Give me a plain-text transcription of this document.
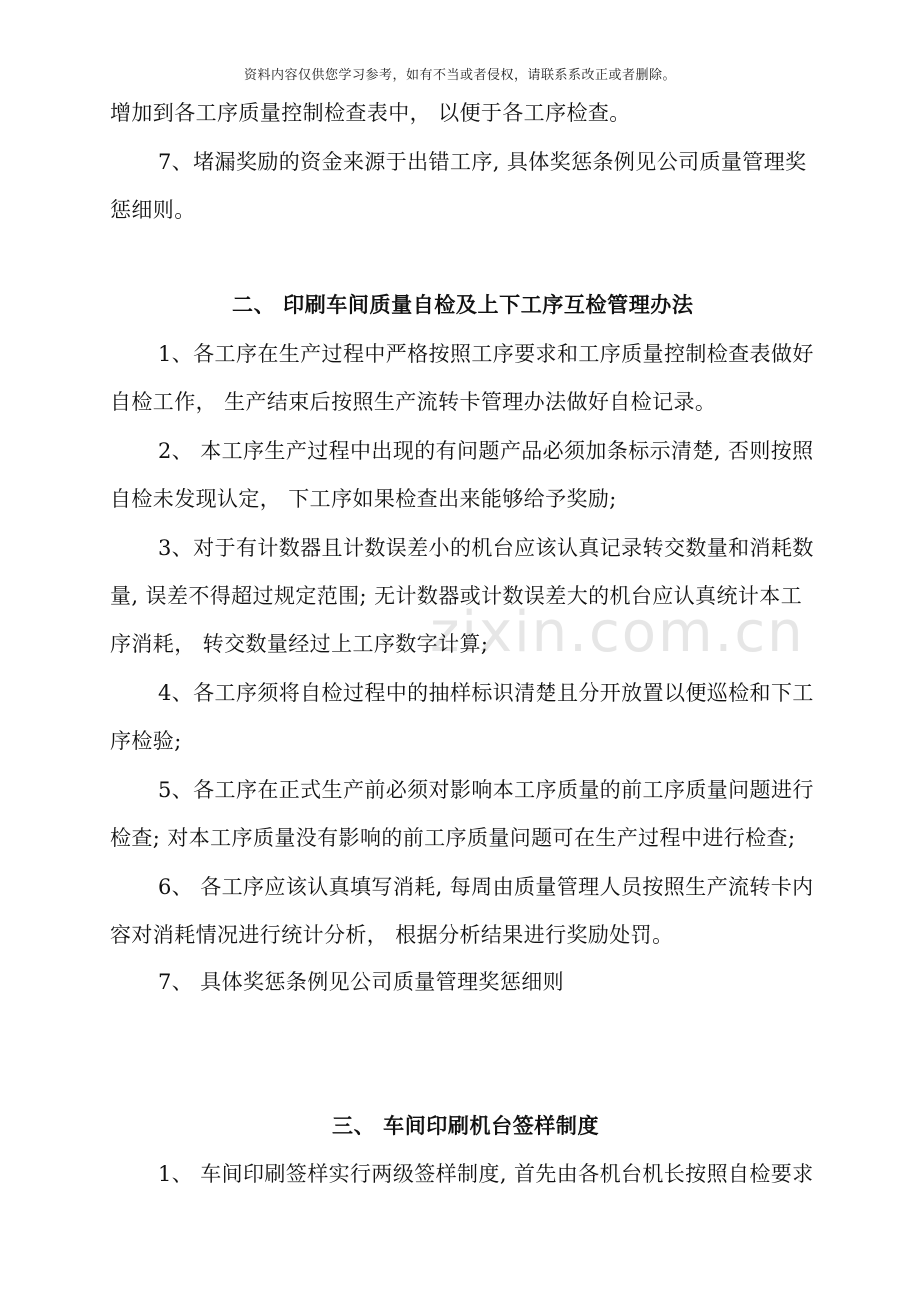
资料内容仅供您学习参考，如有不当或者侵权，请联系系改正或者删除。
zixin.com.cn
增加到各工序质量控制检查表中， 以便于各工序检查。
7、堵漏奖励的资金来源于出错工序, 具体奖惩条例见公司质量管理奖
惩细则。
二、 印刷车间质量自检及上下工序互检管理办法
1、各工序在生产过程中严格按照工序要求和工序质量控制检查表做好
自检工作， 生产结束后按照生产流转卡管理办法做好自检记录。
2、 本工序生产过程中出现的有问题产品必须加条标示清楚, 否则按照
自检未发现认定， 下工序如果检查出来能够给予奖励;
3、对于有计数器且计数误差小的机台应该认真记录转交数量和消耗数
量, 误差不得超过规定范围; 无计数器或计数误差大的机台应认真统计本工
序消耗， 转交数量经过上工序数字计算;
4、各工序须将自检过程中的抽样标识清楚且分开放置以便巡检和下工
序检验;
5、各工序在正式生产前必须对影响本工序质量的前工序质量问题进行
检查; 对本工序质量没有影响的前工序质量问题可在生产过程中进行检查;
6、 各工序应该认真填写消耗, 每周由质量管理人员按照生产流转卡内
容对消耗情况进行统计分析， 根据分析结果进行奖励处罚。
7、 具体奖惩条例见公司质量管理奖惩细则
三、 车间印刷机台签样制度
1、 车间印刷签样实行两级签样制度, 首先由各机台机长按照自检要求
